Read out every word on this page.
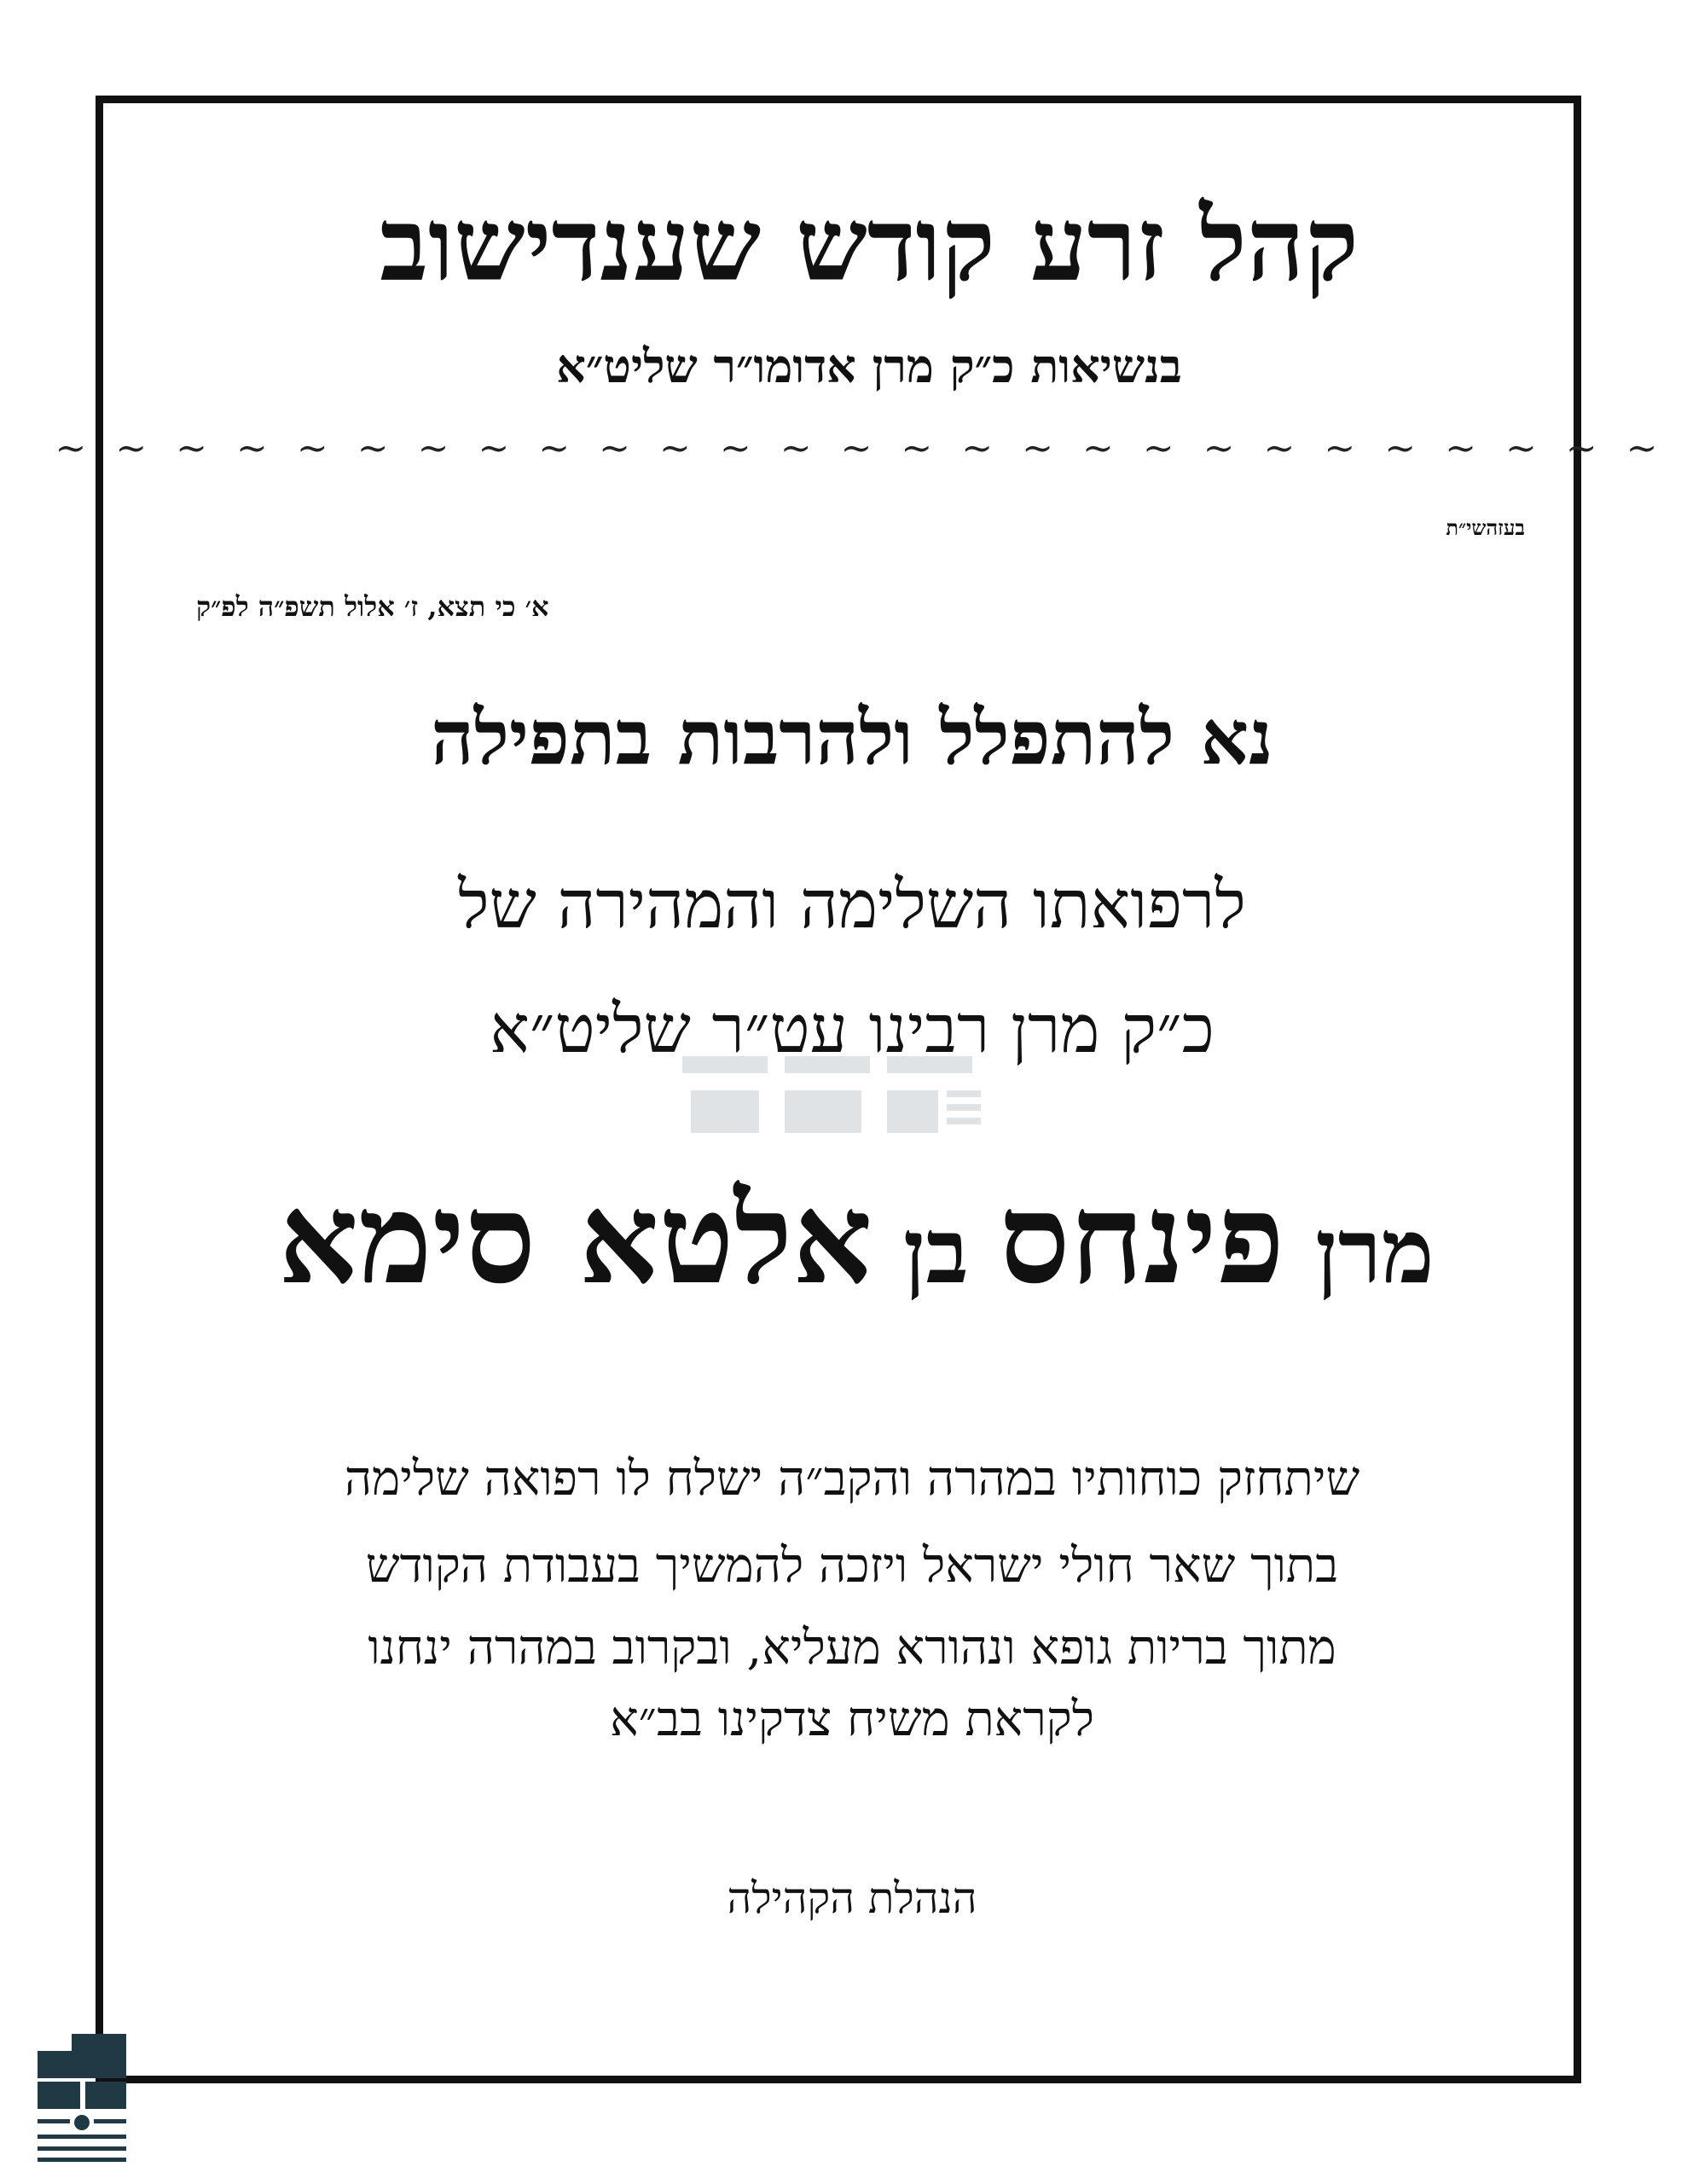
קהל זרע קודש שענדישוב
בנשיאות כ״ק מרן אדומו״ר שליט״א
~ ~ ~ ~ ~ ~ ~ ~ ~ ~ ~ ~ ~ ~ ~ ~ ~ ~ ~ ~ ~ ~ ~ ~ ~ ~ ~
בעזהשי״ת
א׳ כי תצא, ז׳ אלול תשפ״ה לפ״ק
נא להתפלל ולהרבות בתפילה
לרפואתו השלימה והמהירה של
כ״ק מרן רבינו עט״ר שליט״א
מרןפינחסבןאלטא סימא
שיתחזק כוחותיו במהרה והקב״ה ישלח לו רפואה שלימה
בתוך שאר חולי ישראל ויזכה להמשיך בעבודת הקודש
מתוך בריות גופא ונהורא מעליא, ובקרוב במהרה ינחנו
לקראת משיח צדקינו בב״א
הנהלת הקהילה
